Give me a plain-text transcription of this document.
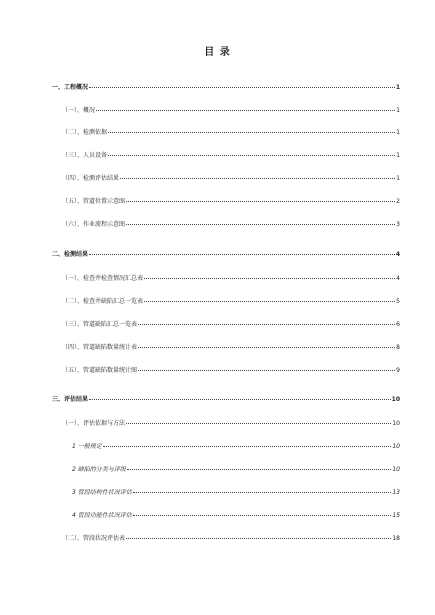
目 录
一、工程概况	1
（一）、概况	1
（二）、检测依据	1
（三）、人员设备	1
（四）、检测评估结果	1
（五）、管道位置示意图	2
（六）、作业流程示意图	3
二、检测结果	4
（一）、检查井检查情况汇总表	4
（二）、检查井缺陷汇总一览表	5
（三）、管道缺陷汇总一览表	6
（四）、管道缺陷数量统计表	8
（五）、管道缺陷数量统计图	9
三、评估结果	10
（一）、评估依据与方法	10
1 一般规定	10
2 缺陷的分类与评级	10
3 管段结构性状况评估	13
4 管段功能性状况评估	15
（二）、管段状况评估表	18
